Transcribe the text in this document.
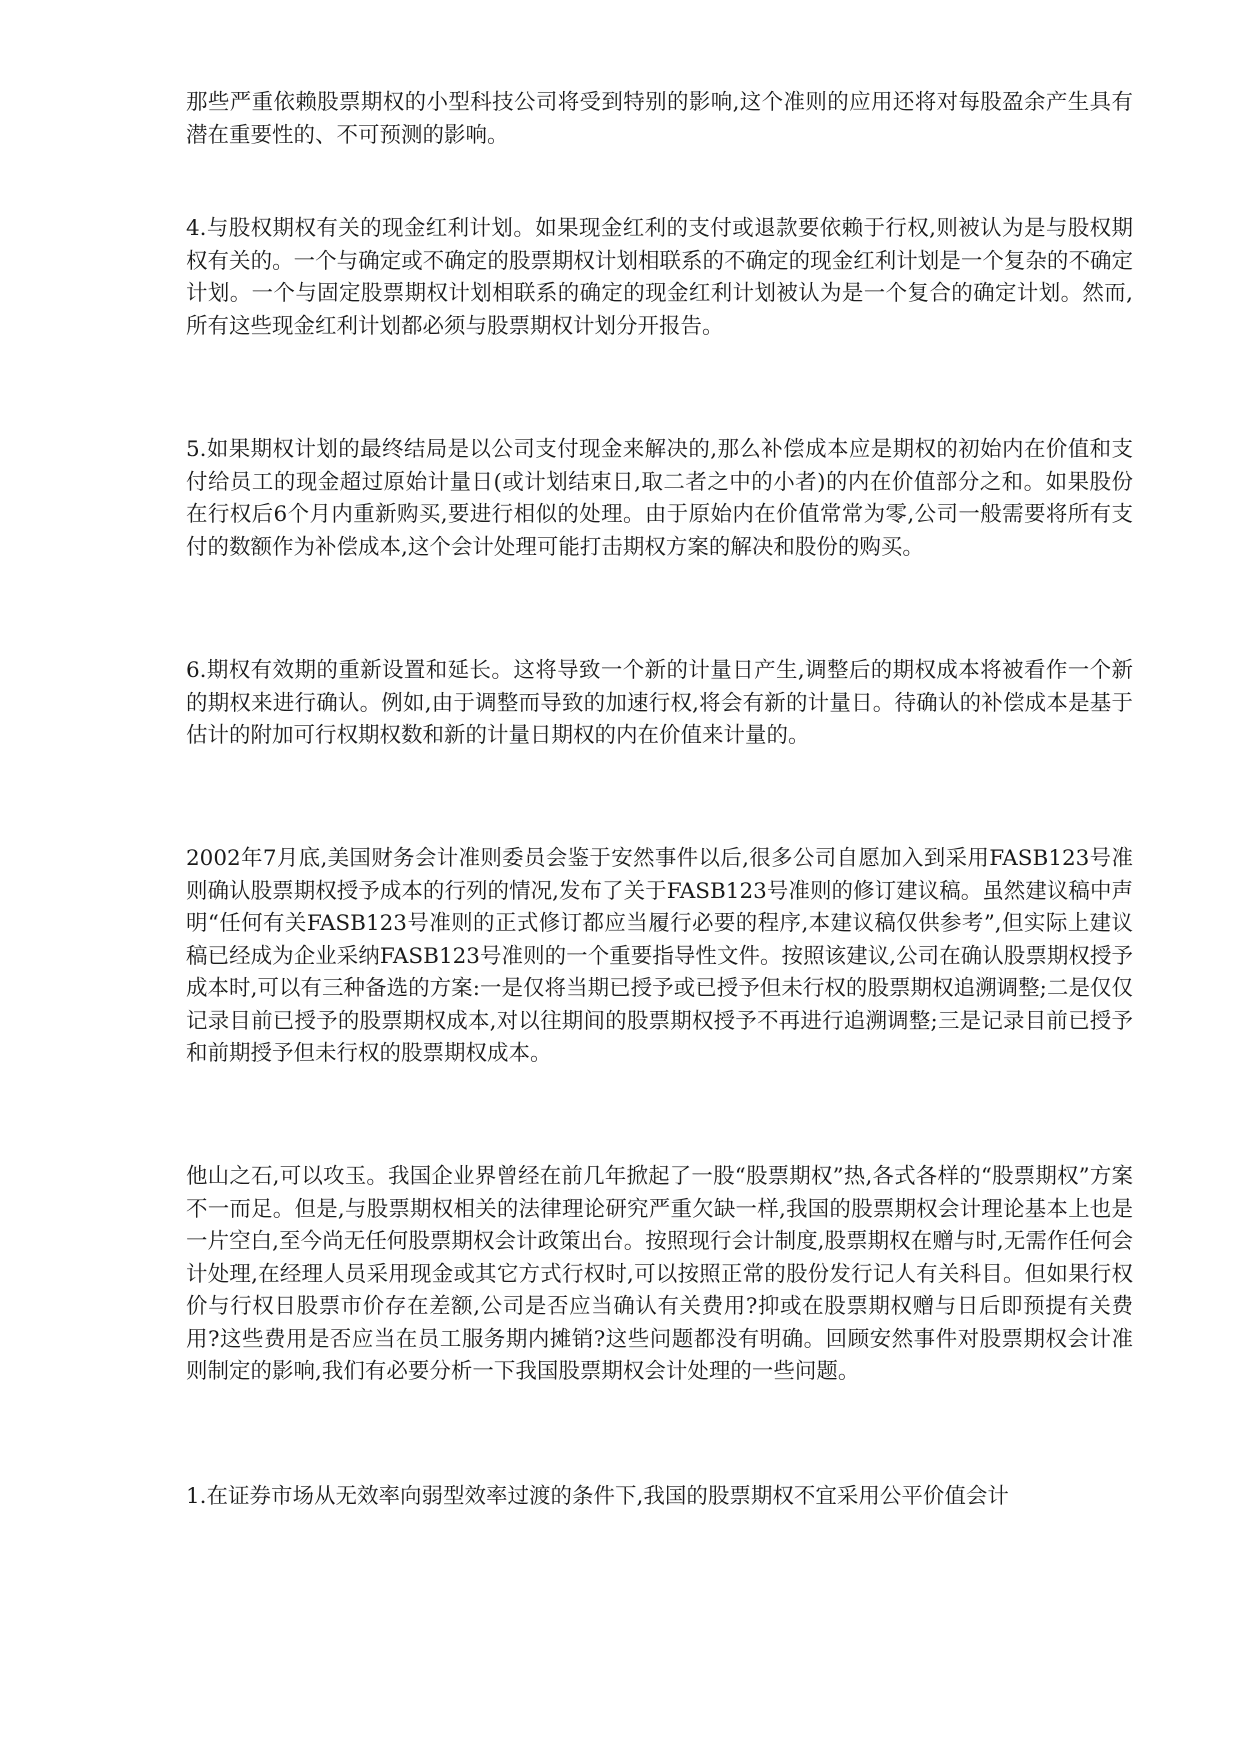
那些严重依赖股票期权的小型科技公司将受到特别的影响,这个准则的应用还将对每股盈余产生具有潜在重要性的、不可预测的影响。

4.与股权期权有关的现金红利计划。如果现金红利的支付或退款要依赖于行权,则被认为是与股权期权有关的。一个与确定或不确定的股票期权计划相联系的不确定的现金红利计划是一个复杂的不确定计划。一个与固定股票期权计划相联系的确定的现金红利计划被认为是一个复合的确定计划。然而,所有这些现金红利计划都必须与股票期权计划分开报告。

5.如果期权计划的最终结局是以公司支付现金来解决的,那么补偿成本应是期权的初始内在价值和支付给员工的现金超过原始计量日(或计划结束日,取二者之中的小者)的内在价值部分之和。如果股份在行权后6个月内重新购买,要进行相似的处理。由于原始内在价值常常为零,公司一般需要将所有支付的数额作为补偿成本,这个会计处理可能打击期权方案的解决和股份的购买。

6.期权有效期的重新设置和延长。这将导致一个新的计量日产生,调整后的期权成本将被看作一个新的期权来进行确认。例如,由于调整而导致的加速行权,将会有新的计量日。待确认的补偿成本是基于估计的附加可行权期权数和新的计量日期权的内在价值来计量的。

2002年7月底,美国财务会计准则委员会鉴于安然事件以后,很多公司自愿加入到采用FASB123号准则确认股票期权授予成本的行列的情况,发布了关于FASB123号准则的修订建议稿。虽然建议稿中声明“任何有关FASB123号准则的正式修订都应当履行必要的程序,本建议稿仅供参考”,但实际上建议稿已经成为企业采纳FASB123号准则的一个重要指导性文件。按照该建议,公司在确认股票期权授予成本时,可以有三种备选的方案:一是仅将当期已授予或已授予但未行权的股票期权追溯调整;二是仅仅记录目前已授予的股票期权成本,对以往期间的股票期权授予不再进行追溯调整;三是记录目前已授予和前期授予但未行权的股票期权成本。

他山之石,可以攻玉。我国企业界曾经在前几年掀起了一股“股票期权”热,各式各样的“股票期权”方案不一而足。但是,与股票期权相关的法律理论研究严重欠缺一样,我国的股票期权会计理论基本上也是一片空白,至今尚无任何股票期权会计政策出台。按照现行会计制度,股票期权在赠与时,无需作任何会计处理,在经理人员采用现金或其它方式行权时,可以按照正常的股份发行记人有关科目。但如果行权价与行权日股票市价存在差额,公司是否应当确认有关费用?抑或在股票期权赠与日后即预提有关费用?这些费用是否应当在员工服务期内摊销?这些问题都没有明确。回顾安然事件对股票期权会计准则制定的影响,我们有必要分析一下我国股票期权会计处理的一些问题。

1.在证券市场从无效率向弱型效率过渡的条件下,我国的股票期权不宜采用公平价值会计
